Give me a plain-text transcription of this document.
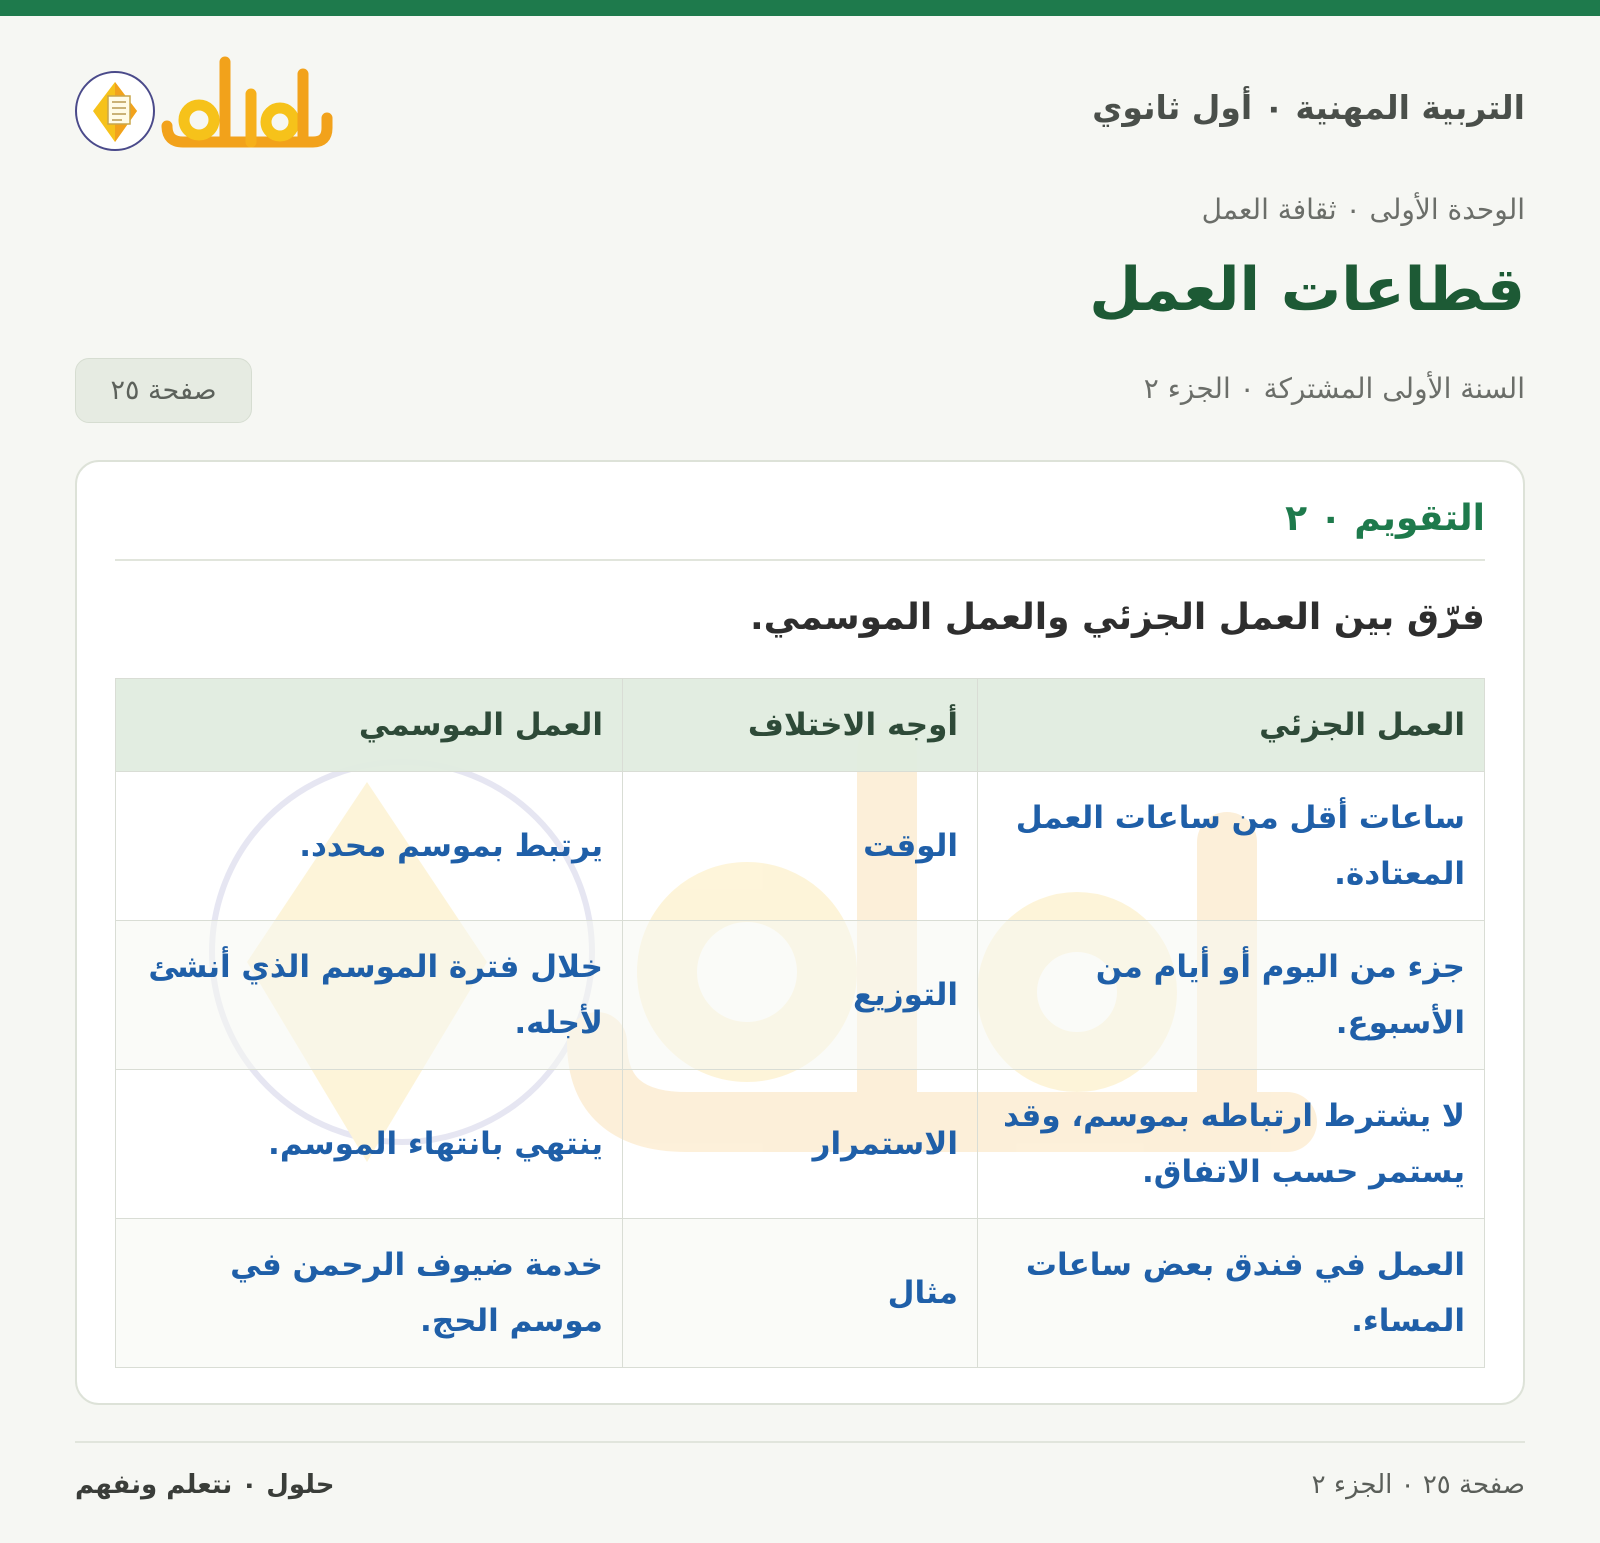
التربية المهنية ٠ أول ثانوي
الوحدة الأولى ٠ ثقافة العمل
قطاعات العمل
السنة الأولى المشتركة ٠ الجزء ٢
صفحة ٢٥
التقويم ٠ ٢
فرّق بين العمل الجزئي والعمل الموسمي.
العمل الجزئي	أوجه الاختلاف	العمل الموسمي
ساعات أقل من ساعات العمل المعتادة.	الوقت	يرتبط بموسم محدد.
جزء من اليوم أو أيام من الأسبوع.	التوزيع	خلال فترة الموسم الذي أنشئ لأجله.
لا يشترط ارتباطه بموسم، وقد يستمر حسب الاتفاق.	الاستمرار	ينتهي بانتهاء الموسم.
العمل في فندق بعض ساعات المساء.	مثال	خدمة ضيوف الرحمن في موسم الحج.
صفحة ٢٥ ٠ الجزء ٢
حلول ٠ نتعلم ونفهم
